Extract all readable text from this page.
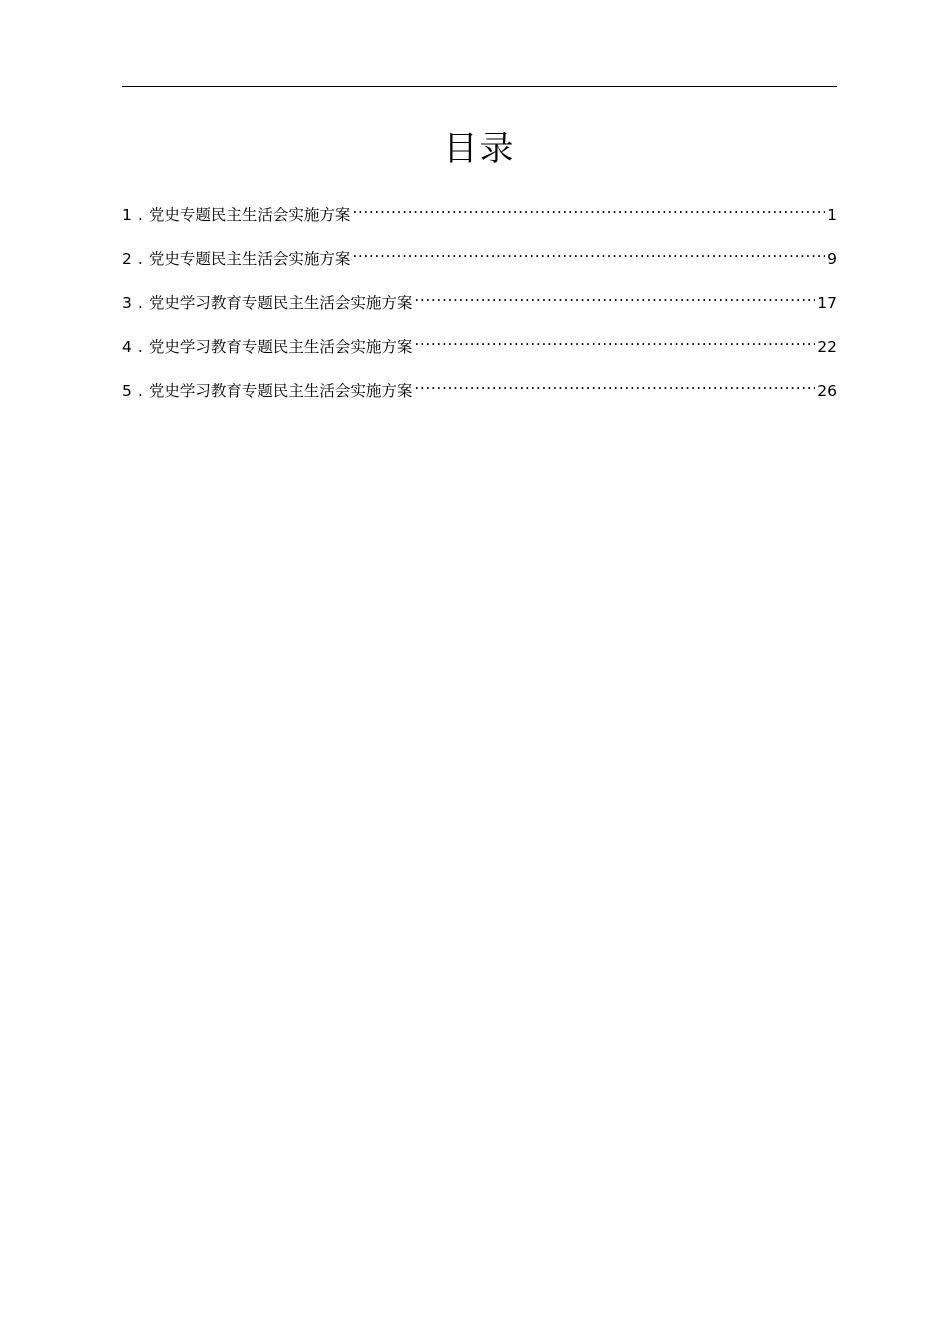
目录
1 . 党史专题民主生活会实施方案 .....	1
2 . 党史专题民主生活会实施方案 .....	9
3 . 党史学习教育专题民主生活会实施方案 .....	17
4 . 党史学习教育专题民主生活会实施方案 .....	22
5 . 党史学习教育专题民主生活会实施方案 .....	26
